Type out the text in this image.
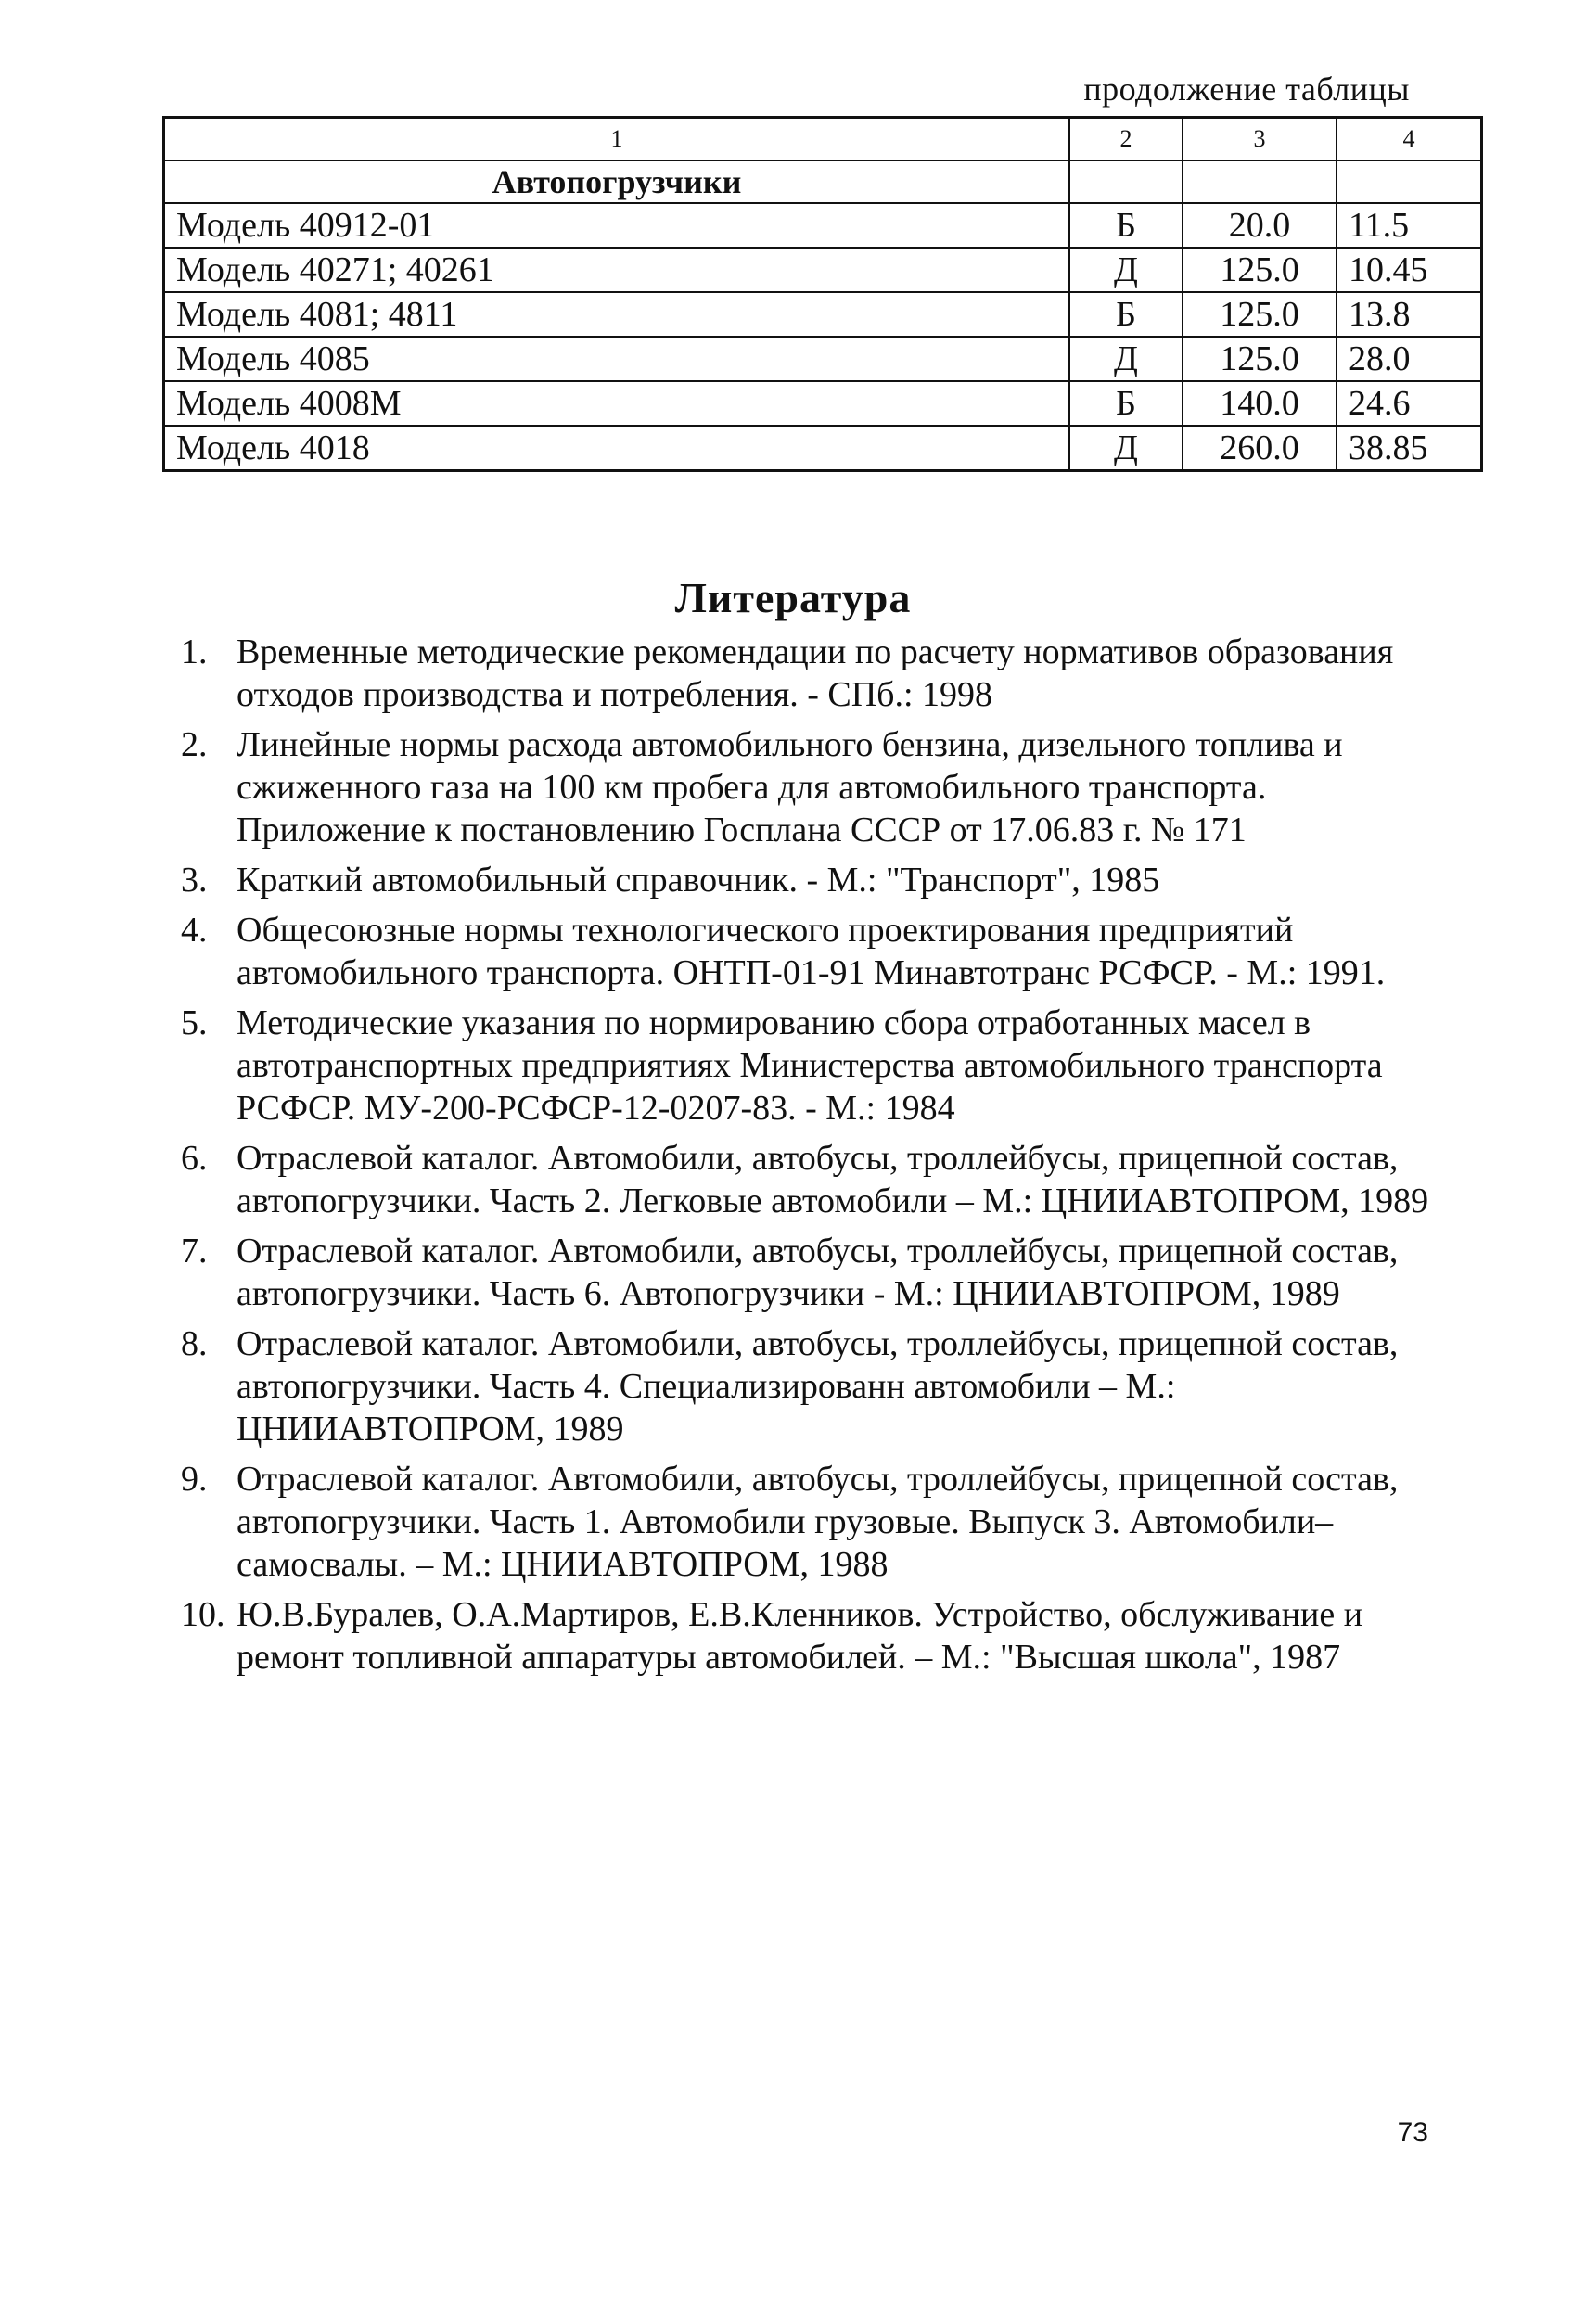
продолжение таблицы
1	2	3	4
Автопогрузчики			
Модель 40912-01	Б	20.0	11.5
Модель 40271; 40261	Д	125.0	10.45
Модель 4081; 4811	Б	125.0	13.8
Модель 4085	Д	125.0	28.0
Модель 4008М	Б	140.0	24.6
Модель 4018	Д	260.0	38.85
Литература
1. Временные методические рекомендации по расчету нормативов образования отходов производства и потребления. - СПб.: 1998
2. Линейные нормы расхода автомобильного бензина, дизельного топлива и сжиженного газа на 100 км пробега для автомобильного транспорта. Приложение к постановлению Госплана СССР от 17.06.83 г. № 171
3. Краткий автомобильный справочник. - М.: "Транспорт", 1985
4. Общесоюзные нормы технологического проектирования предприятий автомобильного транспорта. ОНТП-01-91 Минавтотранс РСФСР. - М.: 1991.
5. Методические указания по нормированию сбора отработанных масел в автотранспортных предприятиях Министерства автомобильного транспорта РСФСР. МУ-200-РСФСР-12-0207-83. - М.: 1984
6. Отраслевой каталог. Автомобили, автобусы, троллейбусы, прицепной состав, автопогрузчики. Часть 2. Легковые автомобили – М.: ЦНИИАВТОПРОМ, 1989
7. Отраслевой каталог. Автомобили, автобусы, троллейбусы, прицепной состав, автопогрузчики. Часть 6. Автопогрузчики - М.: ЦНИИАВТОПРОМ, 1989
8. Отраслевой каталог. Автомобили, автобусы, троллейбусы, прицепной состав, автопогрузчики. Часть 4. Специализированн автомобили – М.: ЦНИИАВТОПРОМ, 1989
9. Отраслевой каталог. Автомобили, автобусы, троллейбусы, прицепной состав, автопогрузчики. Часть 1. Автомобили грузовые. Выпуск 3. Автомобили–самосвалы. – М.: ЦНИИАВТОПРОМ, 1988
10. Ю.В.Буралев, О.А.Мартиров, Е.В.Кленников. Устройство, обслуживание и ремонт топливной аппаратуры автомобилей. – М.: "Высшая школа", 1987
73
